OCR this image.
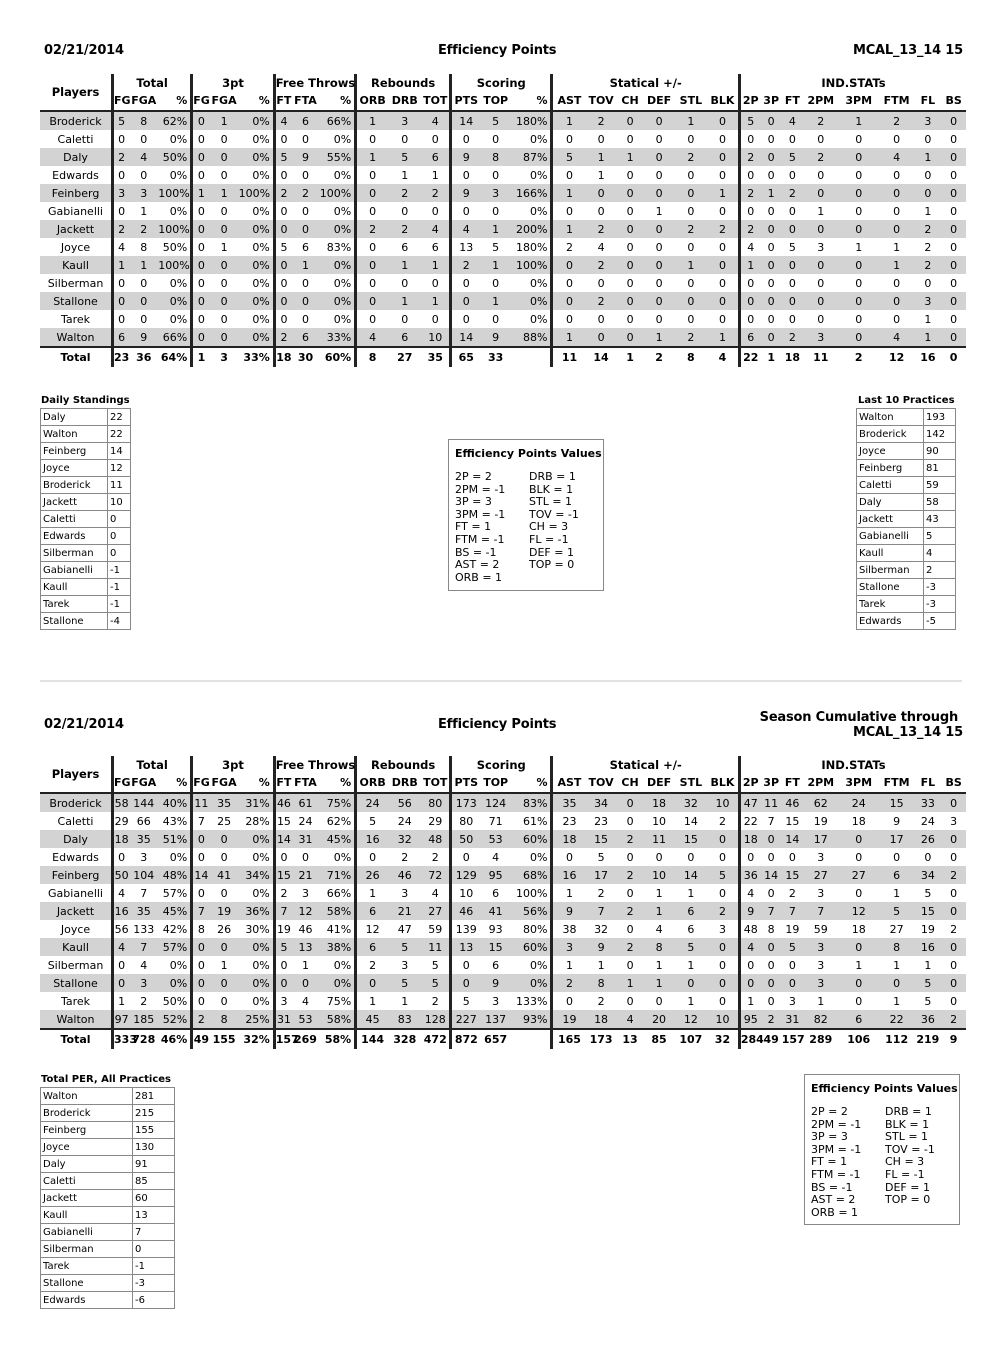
02/21/2014	Efficiency Points	MCAL_13_14 15
Players	Total			3pt			Free Throws			Rebounds			Scoring			Statical +/-						IND.STATs							
	FG	FGA	%	FG	FGA	%	FT	FTA	%	ORB	DRB	TOT	PTS	TOP	%	AST	TOV	CH	DEF	STL	BLK	2P	3P	FT	2PM	3PM	FTM	FL	BS
Broderick	5	8	62%	0	1	0%	4	6	66%	1	3	4	14	5	180%	1	2	0	0	1	0	5	0	4	2	1	2	3	0
Caletti	0	0	0%	0	0	0%	0	0	0%	0	0	0	0	0	0%	0	0	0	0	0	0	0	0	0	0	0	0	0	0
Daly	2	4	50%	0	0	0%	5	9	55%	1	5	6	9	8	87%	5	1	1	0	2	0	2	0	5	2	0	4	1	0
Edwards	0	0	0%	0	0	0%	0	0	0%	0	1	1	0	0	0%	0	1	0	0	0	0	0	0	0	0	0	0	0	0
Feinberg	3	3	100%	1	1	100%	2	2	100%	0	2	2	9	3	166%	1	0	0	0	0	1	2	1	2	0	0	0	0	0
Gabianelli	0	1	0%	0	0	0%	0	0	0%	0	0	0	0	0	0%	0	0	0	1	0	0	0	0	0	1	0	0	1	0
Jackett	2	2	100%	0	0	0%	0	0	0%	2	2	4	4	1	200%	1	2	0	0	2	2	2	0	0	0	0	0	2	0
Joyce	4	8	50%	0	1	0%	5	6	83%	0	6	6	13	5	180%	2	4	0	0	0	0	4	0	5	3	1	1	2	0
Kaull	1	1	100%	0	0	0%	0	1	0%	0	1	1	2	1	100%	0	2	0	0	1	0	1	0	0	0	0	1	2	0
Silberman	0	0	0%	0	0	0%	0	0	0%	0	0	0	0	0	0%	0	0	0	0	0	0	0	0	0	0	0	0	0	0
Stallone	0	0	0%	0	0	0%	0	0	0%	0	1	1	0	1	0%	0	2	0	0	0	0	0	0	0	0	0	0	3	0
Tarek	0	0	0%	0	0	0%	0	0	0%	0	0	0	0	0	0%	0	0	0	0	0	0	0	0	0	0	0	0	1	0
Walton	6	9	66%	0	0	0%	2	6	33%	4	6	10	14	9	88%	1	0	0	1	2	1	6	0	2	3	0	4	1	0
Total	23	36	64%	1	3	33%	18	30	60%	8	27	35	65	33		11	14	1	2	8	4	22	1	18	11	2	12	16	0
Daily Standings
Daly	22
Walton	22
Feinberg	14
Joyce	12
Broderick	11
Jackett	10
Caletti	0
Edwards	0
Silberman	0
Gabianelli	-1
Kaull	-1
Tarek	-1
Stallone	-4
Last 10 Practices
Walton	193
Broderick	142
Joyce	90
Feinberg	81
Caletti	59
Daly	58
Jackett	43
Gabianelli	5
Kaull	4
Silberman	2
Stallone	-3
Tarek	-3
Edwards	-5
Efficiency Points Values
2P = 2
2PM = -1
3P = 3
3PM = -1
FT = 1
FTM = -1
BS = -1
AST = 2
ORB = 1
DRB = 1
BLK = 1
STL = 1
TOV = -1
CH = 3
FL = -1
DEF = 1
TOP = 0
02/21/2014	Efficiency Points	Season Cumulative through
MCAL_13_14 15
Players	Total			3pt			Free Throws			Rebounds			Scoring			Statical +/-						IND.STATs							
	FG	FGA	%	FG	FGA	%	FT	FTA	%	ORB	DRB	TOT	PTS	TOP	%	AST	TOV	CH	DEF	STL	BLK	2P	3P	FT	2PM	3PM	FTM	FL	BS
Broderick	58	144	40%	11	35	31%	46	61	75%	24	56	80	173	124	83%	35	34	0	18	32	10	47	11	46	62	24	15	33	0
Caletti	29	66	43%	7	25	28%	15	24	62%	5	24	29	80	71	61%	23	23	0	10	14	2	22	7	15	19	18	9	24	3
Daly	18	35	51%	0	0	0%	14	31	45%	16	32	48	50	53	60%	18	15	2	11	15	0	18	0	14	17	0	17	26	0
Edwards	0	3	0%	0	0	0%	0	0	0%	0	2	2	0	4	0%	0	5	0	0	0	0	0	0	0	3	0	0	0	0
Feinberg	50	104	48%	14	41	34%	15	21	71%	26	46	72	129	95	68%	16	17	2	10	14	5	36	14	15	27	27	6	34	2
Gabianelli	4	7	57%	0	0	0%	2	3	66%	1	3	4	10	6	100%	1	2	0	1	1	0	4	0	2	3	0	1	5	0
Jackett	16	35	45%	7	19	36%	7	12	58%	6	21	27	46	41	56%	9	7	2	1	6	2	9	7	7	7	12	5	15	0
Joyce	56	133	42%	8	26	30%	19	46	41%	12	47	59	139	93	80%	38	32	0	4	6	3	48	8	19	59	18	27	19	2
Kaull	4	7	57%	0	0	0%	5	13	38%	6	5	11	13	15	60%	3	9	2	8	5	0	4	0	5	3	0	8	16	0
Silberman	0	4	0%	0	1	0%	0	1	0%	2	3	5	0	6	0%	1	1	0	1	1	0	0	0	0	3	1	1	1	0
Stallone	0	3	0%	0	0	0%	0	0	0%	0	5	5	0	9	0%	2	8	1	1	0	0	0	0	0	3	0	0	5	0
Tarek	1	2	50%	0	0	0%	3	4	75%	1	1	2	5	3	133%	0	2	0	0	1	0	1	0	3	1	0	1	5	0
Walton	97	185	52%	2	8	25%	31	53	58%	45	83	128	227	137	93%	19	18	4	20	12	10	95	2	31	82	6	22	36	2
Total	333	728	46%	49	155	32%	157	269	58%	144	328	472	872	657		165	173	13	85	107	32	284	49	157	289	106	112	219	9
Total PER, All Practices
Walton	281
Broderick	215
Feinberg	155
Joyce	130
Daly	91
Caletti	85
Jackett	60
Kaull	13
Gabianelli	7
Silberman	0
Tarek	-1
Stallone	-3
Edwards	-6
Efficiency Points Values
2P = 2
2PM = -1
3P = 3
3PM = -1
FT = 1
FTM = -1
BS = -1
AST = 2
ORB = 1
DRB = 1
BLK = 1
STL = 1
TOV = -1
CH = 3
FL = -1
DEF = 1
TOP = 0
